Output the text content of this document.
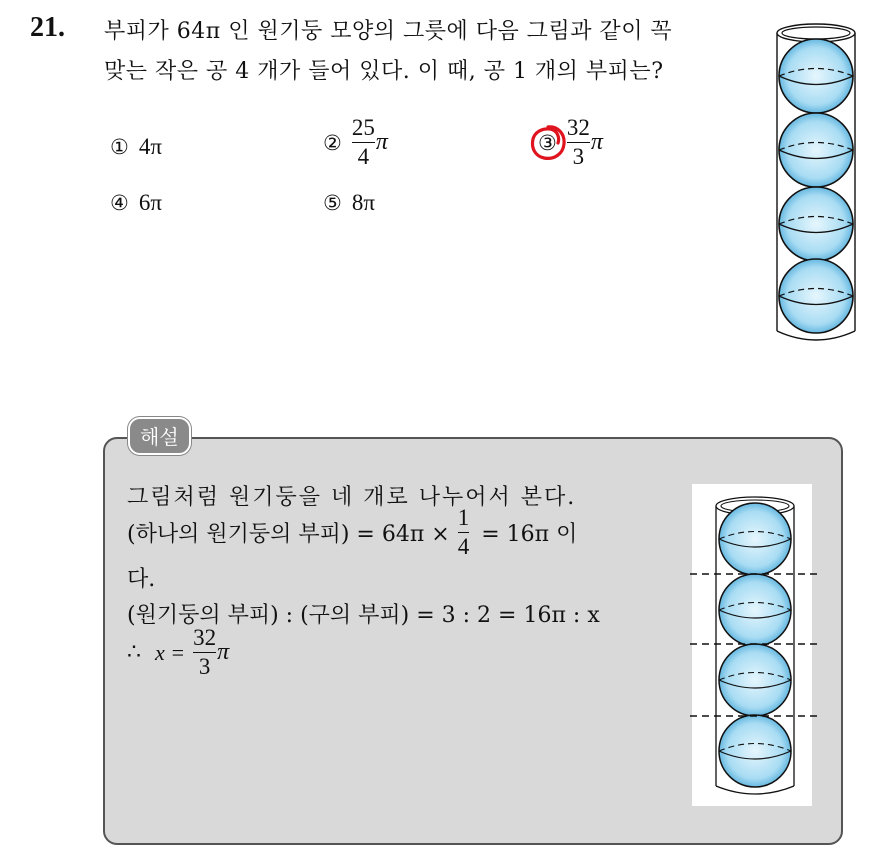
21. 부피가 64π 인 원기둥 모양의 그릇에 다음 그림과 같이 꼭
맞는 작은 공 4 개가 들어 있다. 이 때, 공 1 개의 부피는?
① 4π	② $\frac{25}{4}$ π	③ $\frac{32}{3}$ π
④ 6π	⑤ 8π
해설
그림처럼 원기둥을 네 개로 나누어서 본다.
(하나의 원기둥의 부피) = $64\pi \times \frac{1}{4} = 16\pi$ 이
다.
(원기둥의 부피) : (구의 부피) = 3 : 2 = 16π : x
∴ $x = \frac{32}{3}$ π
